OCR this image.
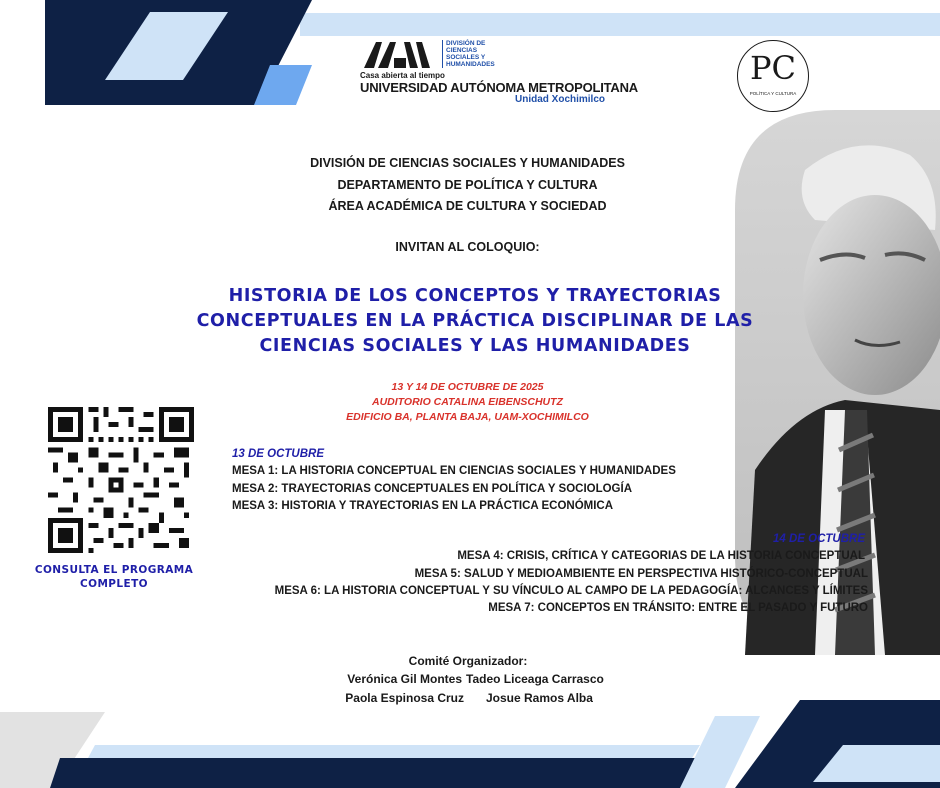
Casa abierta al tiempo
DIVISIÓN DE
CIENCIAS
SOCIALES Y
HUMANIDADES
UNIVERSIDAD AUTÓNOMA METROPOLITANA
Unidad Xochimilco
PC
POLÍTICA Y CULTURA
DIVISIÓN DE CIENCIAS SOCIALES Y HUMANIDADES
DEPARTAMENTO DE POLÍTICA Y CULTURA
ÁREA ACADÉMICA DE CULTURA Y SOCIEDAD
INVITAN AL COLOQUIO:
HISTORIA DE LOS CONCEPTOS Y TRAYECTORIAS
CONCEPTUALES EN LA PRÁCTICA DISCIPLINAR DE LAS
CIENCIAS SOCIALES Y LAS HUMANIDADES
13 Y 14 DE OCTUBRE DE 2025
AUDITORIO CATALINA EIBENSCHUTZ
EDIFICIO BA, PLANTA BAJA, UAM-XOCHIMILCO
CONSULTA EL PROGRAMA
COMPLETO
13 DE OCTUBRE
MESA 1: LA HISTORIA CONCEPTUAL EN CIENCIAS SOCIALES Y HUMANIDADES
MESA 2: TRAYECTORIAS CONCEPTUALES EN POLÍTICA Y SOCIOLOGÍA
MESA 3: HISTORIA Y TRAYECTORIAS EN LA PRÁCTICA ECONÓMICA
14 DE OCTUBRE
MESA 4: CRISIS, CRÍTICA Y CATEGORIAS DE LA HISTORIA CONCEPTUAL
MESA 5: SALUD Y MEDIOAMBIENTE EN PERSPECTIVA HISTÓRICO-CONCEPTUAL
MESA 6: LA HISTORIA CONCEPTUAL Y SU VÍNCULO AL CAMPO DE LA PEDAGOGÍA: ALCANCES Y LÍMITES
MESA 7: CONCEPTOS EN TRÁNSITO: ENTRE EL PASADO Y FUTURO
Comité Organizador:
Verónica Gil Montes Tadeo Liceaga Carrasco
Paola Espinosa Cruz Josue Ramos Alba
